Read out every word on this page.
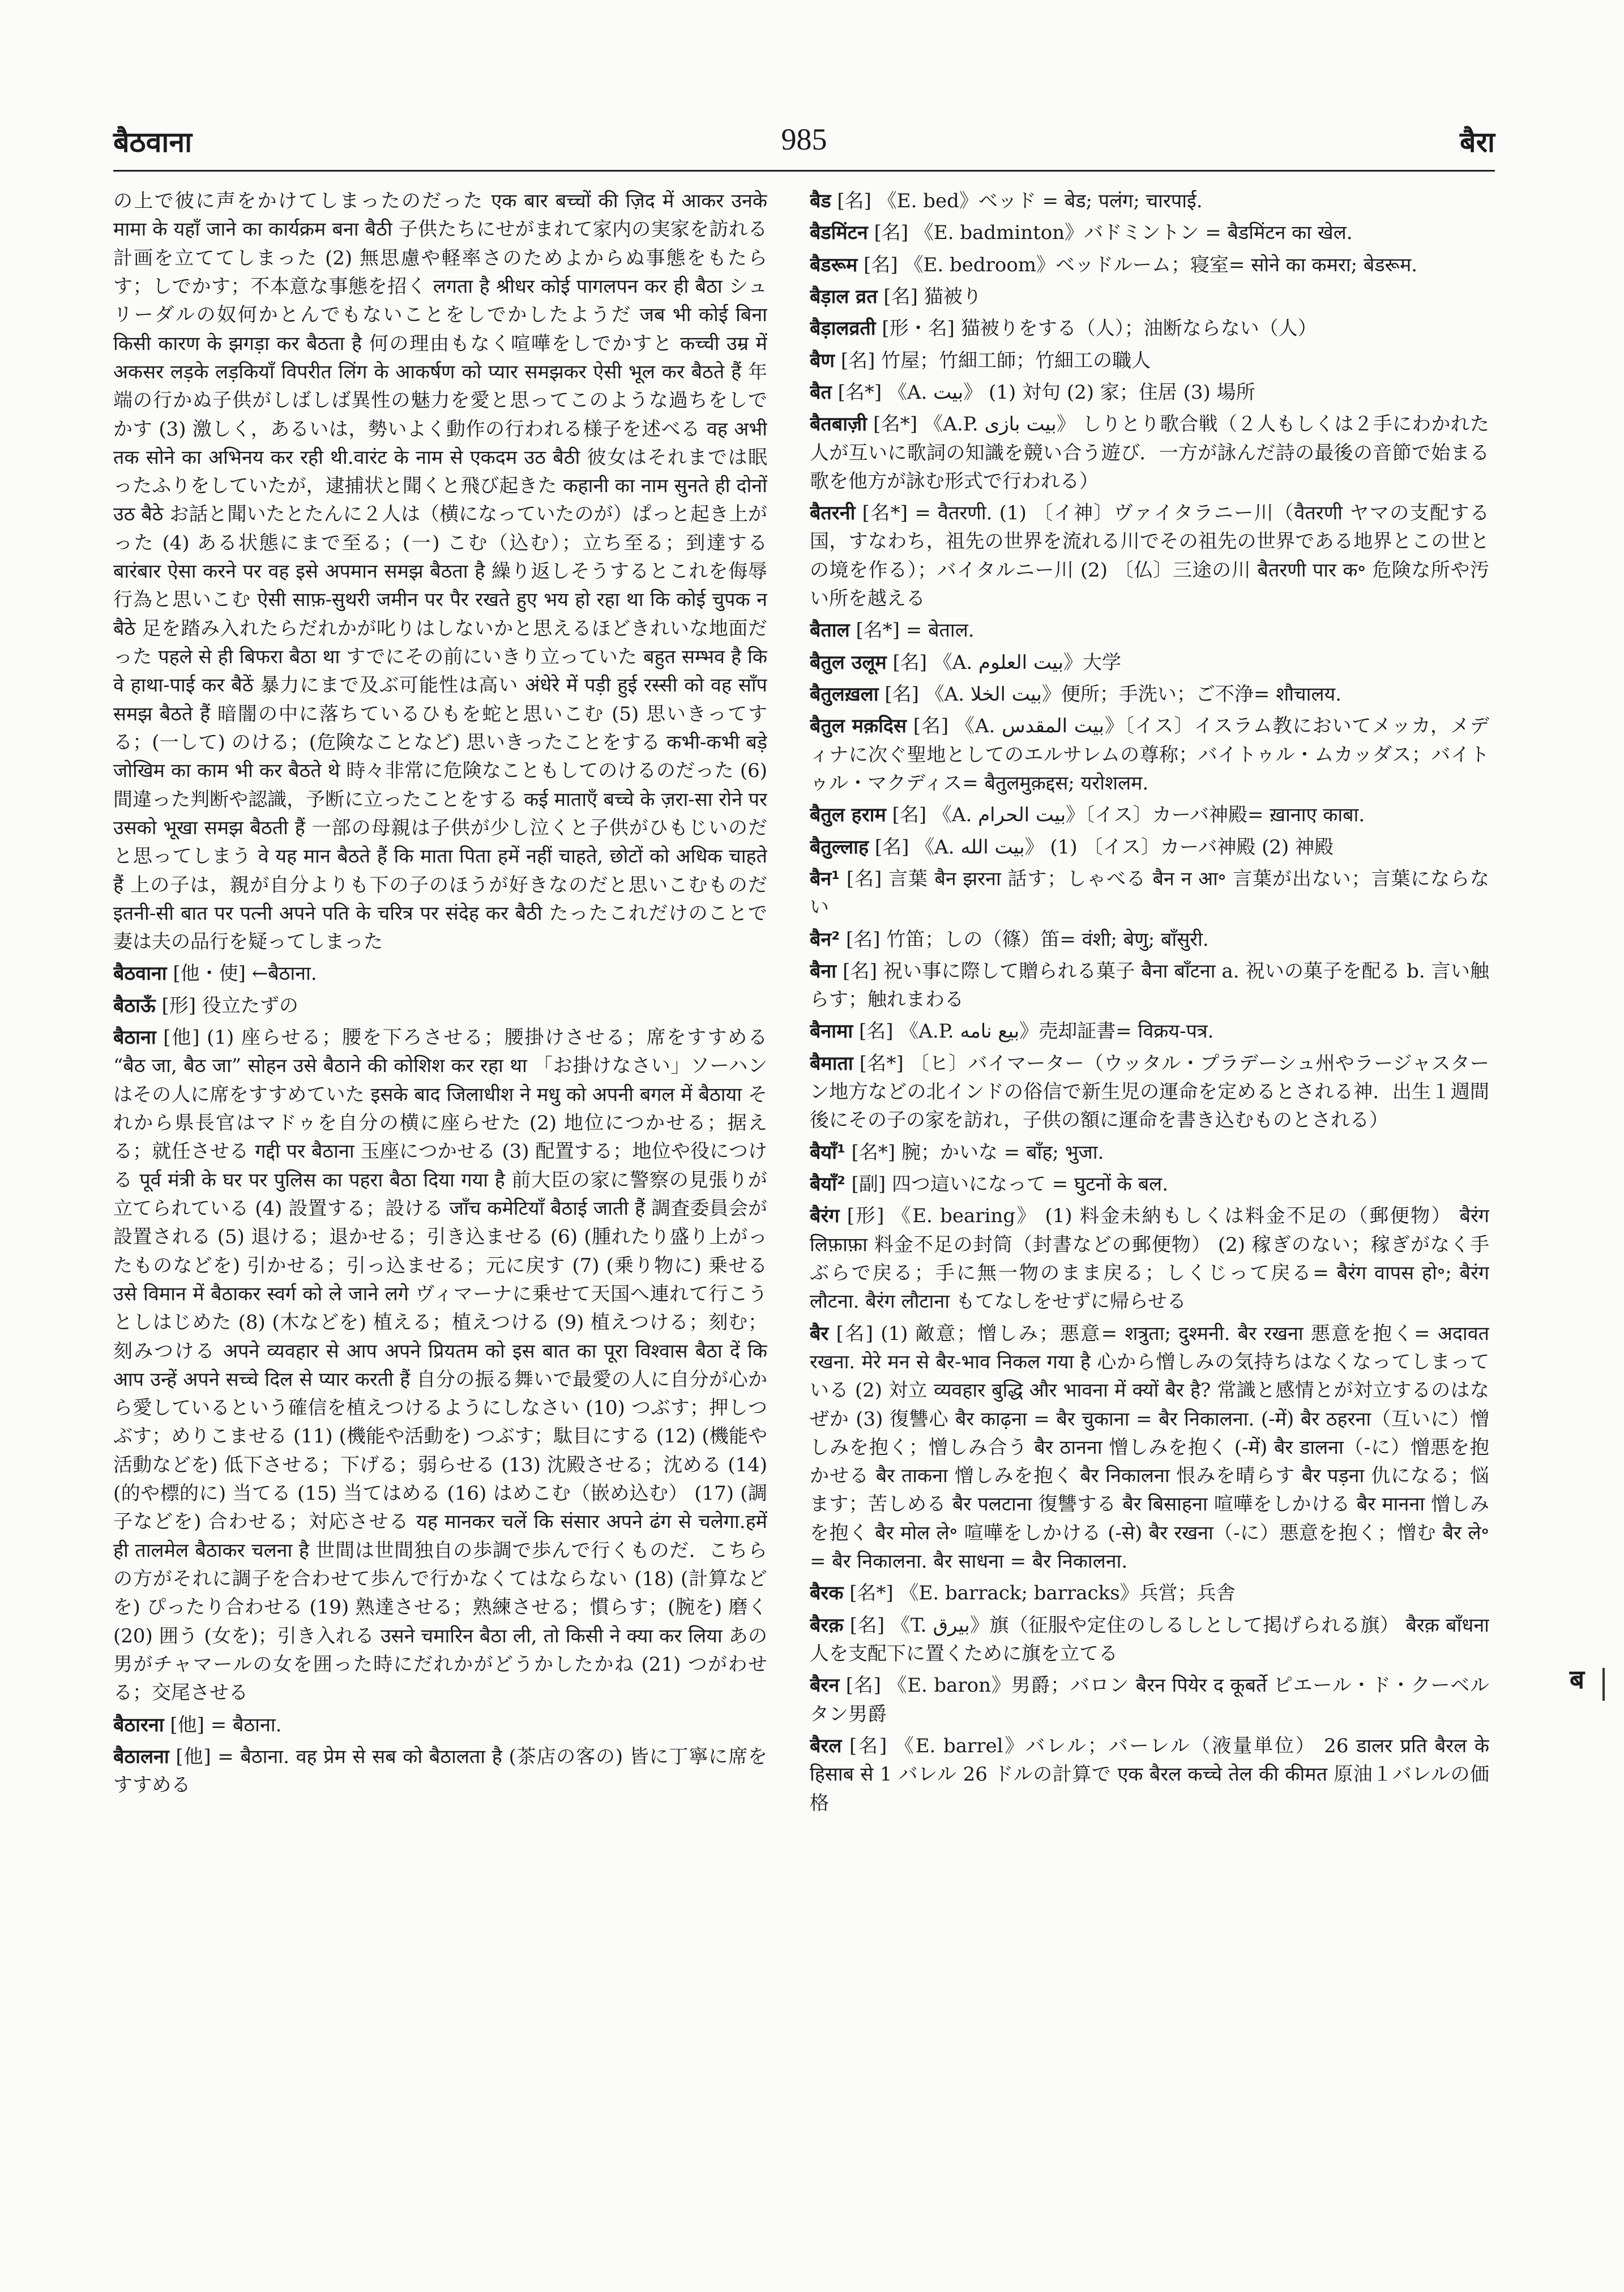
बैठवाना	985	बैरा

の上で彼に声をかけてしまったのだった एक बार बच्चों की ज़िद में आकर उनके मामा के यहाँ जाने का कार्यक्रम बना बैठी 子供たちにせがまれて家内の実家を訪れる計画を立ててしまった (2) 無思慮や軽率さのためよからぬ事態をもたらす；しでかす；不本意な事態を招く लगता है श्रीधर कोई पागलपन कर ही बैठा シュリーダルの奴何かとんでもないことをしでかしたようだ जब भी कोई बिना किसी कारण के झगड़ा कर बैठता है 何の理由もなく喧嘩をしでかすと कच्ची उम्र में अकसर लड़के लड़कियाँ विपरीत लिंग के आकर्षण को प्यार समझकर ऐसी भूल कर बैठते हैं 年端の行かぬ子供がしばしば異性の魅力を愛と思ってこのような過ちをしでかす (3) 激しく，あるいは，勢いよく動作の行われる様子を述べる वह अभी तक सोने का अभिनय कर रही थी.वारंट के नाम से एकदम उठ बैठी 彼女はそれまでは眠ったふりをしていたが，逮捕状と聞くと飛び起きた कहानी का नाम सुनते ही दोनों उठ बैठे お話と聞いたとたんに２人は（横になっていたのが）ぱっと起き上がった (4) ある状態にまで至る；(一) こむ（込む）；立ち至る；到達する बारंबार ऐसा करने पर वह इसे अपमान समझ बैठता है 繰り返しそうするとこれを侮辱行為と思いこむ ऐसी साफ़-सुथरी जमीन पर पैर रखते हुए भय हो रहा था कि कोई चुपक न बैठे 足を踏み入れたらだれかが叱りはしないかと思えるほどきれいな地面だった पहले से ही बिफरा बैठा था すでにその前にいきり立っていた बहुत सम्भव है कि वे हाथा-पाई कर बैठें 暴力にまで及ぶ可能性は高い अंधेरे में पड़ी हुई रस्सी को वह साँप समझ बैठते हैं 暗闇の中に落ちているひもを蛇と思いこむ (5) 思いきってする；(一して) のける；(危険なことなど) 思いきったことをする कभी-कभी बड़े जोखिम का काम भी कर बैठते थे 時々非常に危険なこともしてのけるのだった (6) 間違った判断や認識，予断に立ったことをする कई माताएँ बच्चे के ज़रा-सा रोने पर उसको भूखा समझ बैठती हैं 一部の母親は子供が少し泣くと子供がひもじいのだと思ってしまう वे यह मान बैठते हैं कि माता पिता हमें नहीं चाहते, छोटों को अधिक चाहते हैं 上の子は，親が自分よりも下の子のほうが好きなのだと思いこむものだ इतनी-सी बात पर पत्नी अपने पति के चरित्र पर संदेह कर बैठी たったこれだけのことで妻は夫の品行を疑ってしまった

बैठवाना [他・使] ←बैठाना.

बैठाऊँ [形] 役立たずの

बैठाना [他] (1) 座らせる；腰を下ろさせる；腰掛けさせる；席をすすめる “बैठ जा, बैठ जा” सोहन उसे बैठाने की कोशिश कर रहा था 「お掛けなさい」ソーハンはその人に席をすすめていた इसके बाद जिलाधीश ने मधु को अपनी बगल में बैठाया それから県長官はマドゥを自分の横に座らせた (2) 地位につかせる；据える；就任させる गद्दी पर बैठाना 玉座につかせる (3) 配置する；地位や役につける पूर्व मंत्री के घर पर पुलिस का पहरा बैठा दिया गया है 前大臣の家に警察の見張りが立てられている (4) 設置する；設ける जाँच कमेटियाँ बैठाई जाती हैं 調査委員会が設置される (5) 退ける；退かせる；引き込ませる (6) (腫れたり盛り上がったものなどを) 引かせる；引っ込ませる；元に戻す (7) (乗り物に) 乗せる उसे विमान में बैठाकर स्वर्ग को ले जाने लगे ヴィマーナに乗せて天国へ連れて行こうとしはじめた (8) (木などを) 植える；植えつける (9) 植えつける；刻む；刻みつける अपने व्यवहार से आप अपने प्रियतम को इस बात का पूरा विश्वास बैठा दें कि आप उन्हें अपने सच्चे दिल से प्यार करती हैं 自分の振る舞いで最愛の人に自分が心から愛しているという確信を植えつけるようにしなさい (10) つぶす；押しつぶす；めりこませる (11) (機能や活動を) つぶす；駄目にする (12) (機能や活動などを) 低下させる；下げる；弱らせる (13) 沈殿させる；沈める (14) (的や標的に) 当てる (15) 当てはめる (16) はめこむ（嵌め込む） (17) (調子などを) 合わせる；対応させる यह मानकर चलें कि संसार अपने ढंग से चलेगा.हमें ही तालमेल बैठाकर चलना है 世間は世間独自の歩調で歩んで行くものだ．こちらの方がそれに調子を合わせて歩んで行かなくてはならない (18) (計算などを) ぴったり合わせる (19) 熟達させる；熟練させる；慣らす；(腕を) 磨く (20) 囲う (女を)；引き入れる उसने चमारिन बैठा ली, तो किसी ने क्या कर लिया あの男がチャマールの女を囲った時にだれかがどうかしたかね (21) つがわせる；交尾させる

बैठारना [他] = बैठाना.

बैठालना [他] = बैठाना. वह प्रेम से सब को बैठालता है (茶店の客の) 皆に丁寧に席をすすめる

बैड [名] 《E. bed》ベッド = बेड; पलंग; चारपाई.

बैडमिंटन [名] 《E. badminton》バドミントン = बैडमिंटन का खेल.

बैडरूम [名] 《E. bedroom》ベッドルーム；寝室= सोने का कमरा; बेडरूम.

बैड़ाल व्रत [名] 猫被り

बैड़ालव्रती [形・名] 猫被りをする（人）；油断ならない（人）

बैण [名] 竹屋；竹細工師；竹細工の職人

बैत [名*] 《A. بيت》 (1) 対句 (2) 家；住居 (3) 場所

बैतबाज़ी [名*] 《A.P. بيت بازى》 しりとり歌合戦（２人もしくは２手にわかれた人が互いに歌詞の知識を競い合う遊び．一方が詠んだ詩の最後の音節で始まる歌を他方が詠む形式で行われる）

बैतरनी [名*] = वैतरणी. (1) 〔イ神〕ヴァイタラニー川（वैतरणी ヤマの支配する国，すなわち，祖先の世界を流れる川でその祖先の世界である地界とこの世との境を作る）；バイタルニー川 (2) 〔仏〕三途の川 बैतरणी पार क॰ 危険な所や汚い所を越える

बैताल [名*] = बेताल.

बैतुल उलूम [名] 《A. بيت العلوم》大学

बैतुलख़ला [名] 《A. بيت الخلا》便所；手洗い；ご不浄= शौचालय.

बैतुल मक़दिस [名] 《A. بيت المقدس》〔イス〕イスラム教においてメッカ，メディナに次ぐ聖地としてのエルサレムの尊称；バイトゥル・ムカッダス；バイトゥル・マクディス= बैतुलमुक़द्दस; यरोशलम.

बैतुल हराम [名] 《A. بيت الحرام》〔イス〕カーバ神殿= ख़ानाए काबा.

बैतुल्लाह [名] 《A. بيت الله》 (1) 〔イス〕カーバ神殿 (2) 神殿

बैन¹ [名] 言葉 बैन झरना 話す；しゃべる बैन न आ॰ 言葉が出ない；言葉にならない

बैन² [名] 竹笛；しの（篠）笛= वंशी; बेणु; बाँसुरी.

बैना [名] 祝い事に際して贈られる菓子 बैना बाँटना a. 祝いの菓子を配る b. 言い触らす；触れまわる

बैनामा [名] 《A.P. بيع نامه》売却証書= विक्रय-पत्र.

बैमाता [名*] 〔ヒ〕バイマーター（ウッタル・プラデーシュ州やラージャスターン地方などの北インドの俗信で新生児の運命を定めるとされる神．出生１週間後にその子の家を訪れ，子供の額に運命を書き込むものとされる）

बैयाँ¹ [名*] 腕；かいな = बाँह; भुजा.

बैयाँ² [副] 四つ這いになって = घुटनों के बल.

बैरंग [形] 《E. bearing》 (1) 料金未納もしくは料金不足の（郵便物） बैरंग लिफ़ाफ़ा 料金不足の封筒（封書などの郵便物） (2) 稼ぎのない；稼ぎがなく手ぶらで戻る；手に無一物のまま戻る；しくじって戻る= बैरंग वापस हो॰; बैरंग लौटना. बैरंग लौटाना もてなしをせずに帰らせる

बैर [名] (1) 敵意；憎しみ；悪意= शत्रुता; दुश्मनी. बैर रखना 悪意を抱く= अदावत रखना. मेरे मन से बैर-भाव निकल गया है 心から憎しみの気持ちはなくなってしまっている (2) 対立 व्यवहार बुद्धि और भावना में क्यों बैर है? 常識と感情とが対立するのはなぜか (3) 復讐心 बैर काढ़ना = बैर चुकाना = बैर निकालना. (-में) बैर ठहरना（互いに）憎しみを抱く；憎しみ合う बैर ठानना 憎しみを抱く (-में) बैर डालना（-に）憎悪を抱かせる बैर ताकना 憎しみを抱く बैर निकालना 恨みを晴らす बैर पड़ना 仇になる；悩ます；苦しめる बैर पलटाना 復讐する बैर बिसाहना 喧嘩をしかける बैर मानना 憎しみを抱く बैर मोल ले॰ 喧嘩をしかける (-से) बैर रखना（-に）悪意を抱く；憎む बैर ले॰ = बैर निकालना. बैर साधना = बैर निकालना.

बैरक [名*] 《E. barrack; barracks》兵営；兵舎

बैरक़ [名] 《T. بيرق》旗（征服や定住のしるしとして掲げられる旗） बैरक़ बाँधना 人を支配下に置くために旗を立てる

बैरन [名] 《E. baron》男爵；バロン बैरन पियेर द कूबर्ते ピエール・ド・クーベルタン男爵

बैरल [名] 《E. barrel》バレル；バーレル（液量単位） 26 डालर प्रति बैरल के हिसाब से 1 バレル 26 ドルの計算で एक बैरल कच्चे तेल की कीमत 原油１バレルの価格

ब
